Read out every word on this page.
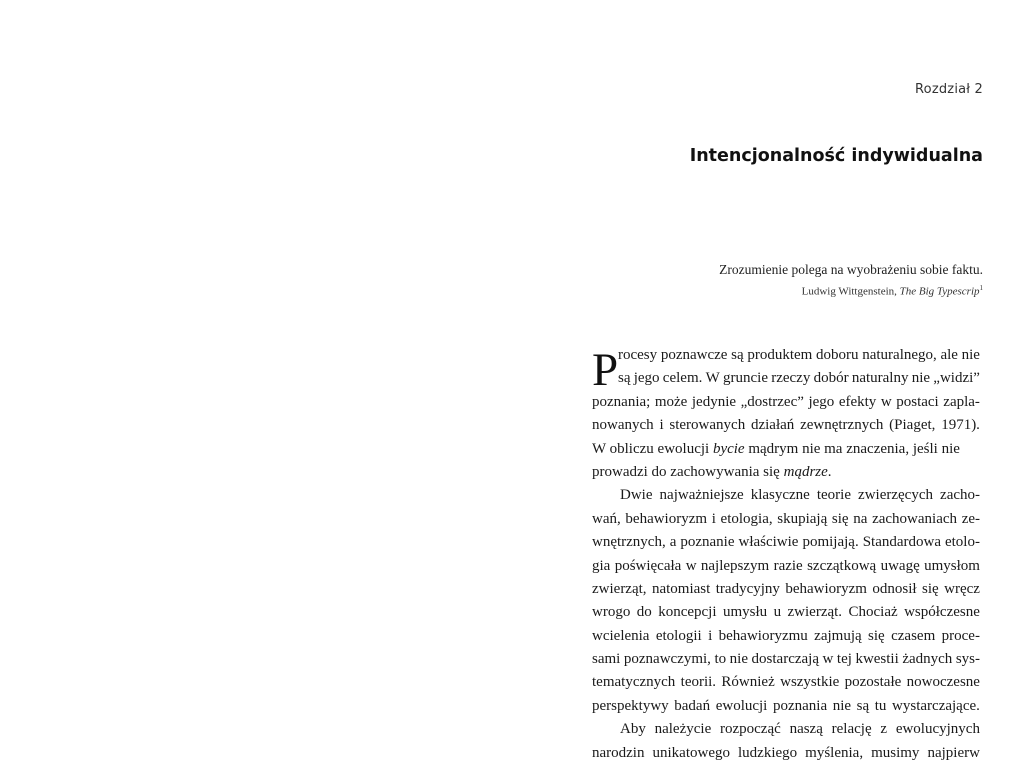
Rozdział 2
Intencjonalność indywidualna
Zrozumienie polega na wyobrażeniu sobie faktu.
Ludwig Wittgenstein, The Big Typescrip$^1$
P rocesy poznawcze są produktem doboru naturalnego, ale nie
są jego celem. W gruncie rzeczy dobór naturalny nie „widzi”
poznania; może jedynie „dostrzec” jego efekty w postaci zapla-
nowanych i sterowanych działań zewnętrznych (Piaget, 1971).
W obliczu ewolucji bycie mądrym nie ma znaczenia, jeśli nie
prowadzi do zachowywania się mądrze.
Dwie najważniejsze klasyczne teorie zwierzęcych zacho-
wań, behawioryzm i etologia, skupiają się na zachowaniach ze-
wnętrznych, a poznanie właściwie pomijają. Standardowa etolo-
gia poświęcała w najlepszym razie szczątkową uwagę umysłom
zwierząt, natomiast tradycyjny behawioryzm odnosił się wręcz
wrogo do koncepcji umysłu u zwierząt. Chociaż współczesne
wcielenia etologii i behawioryzmu zajmują się czasem proce-
sami poznawczymi, to nie dostarczają w tej kwestii żadnych sys-
tematycznych teorii. Również wszystkie pozostałe nowoczesne
perspektywy badań ewolucji poznania nie są tu wystarczające.
Aby należycie rozpocząć naszą relację z ewolucyjnych
narodzin unikatowego ludzkiego myślenia, musimy najpierw
